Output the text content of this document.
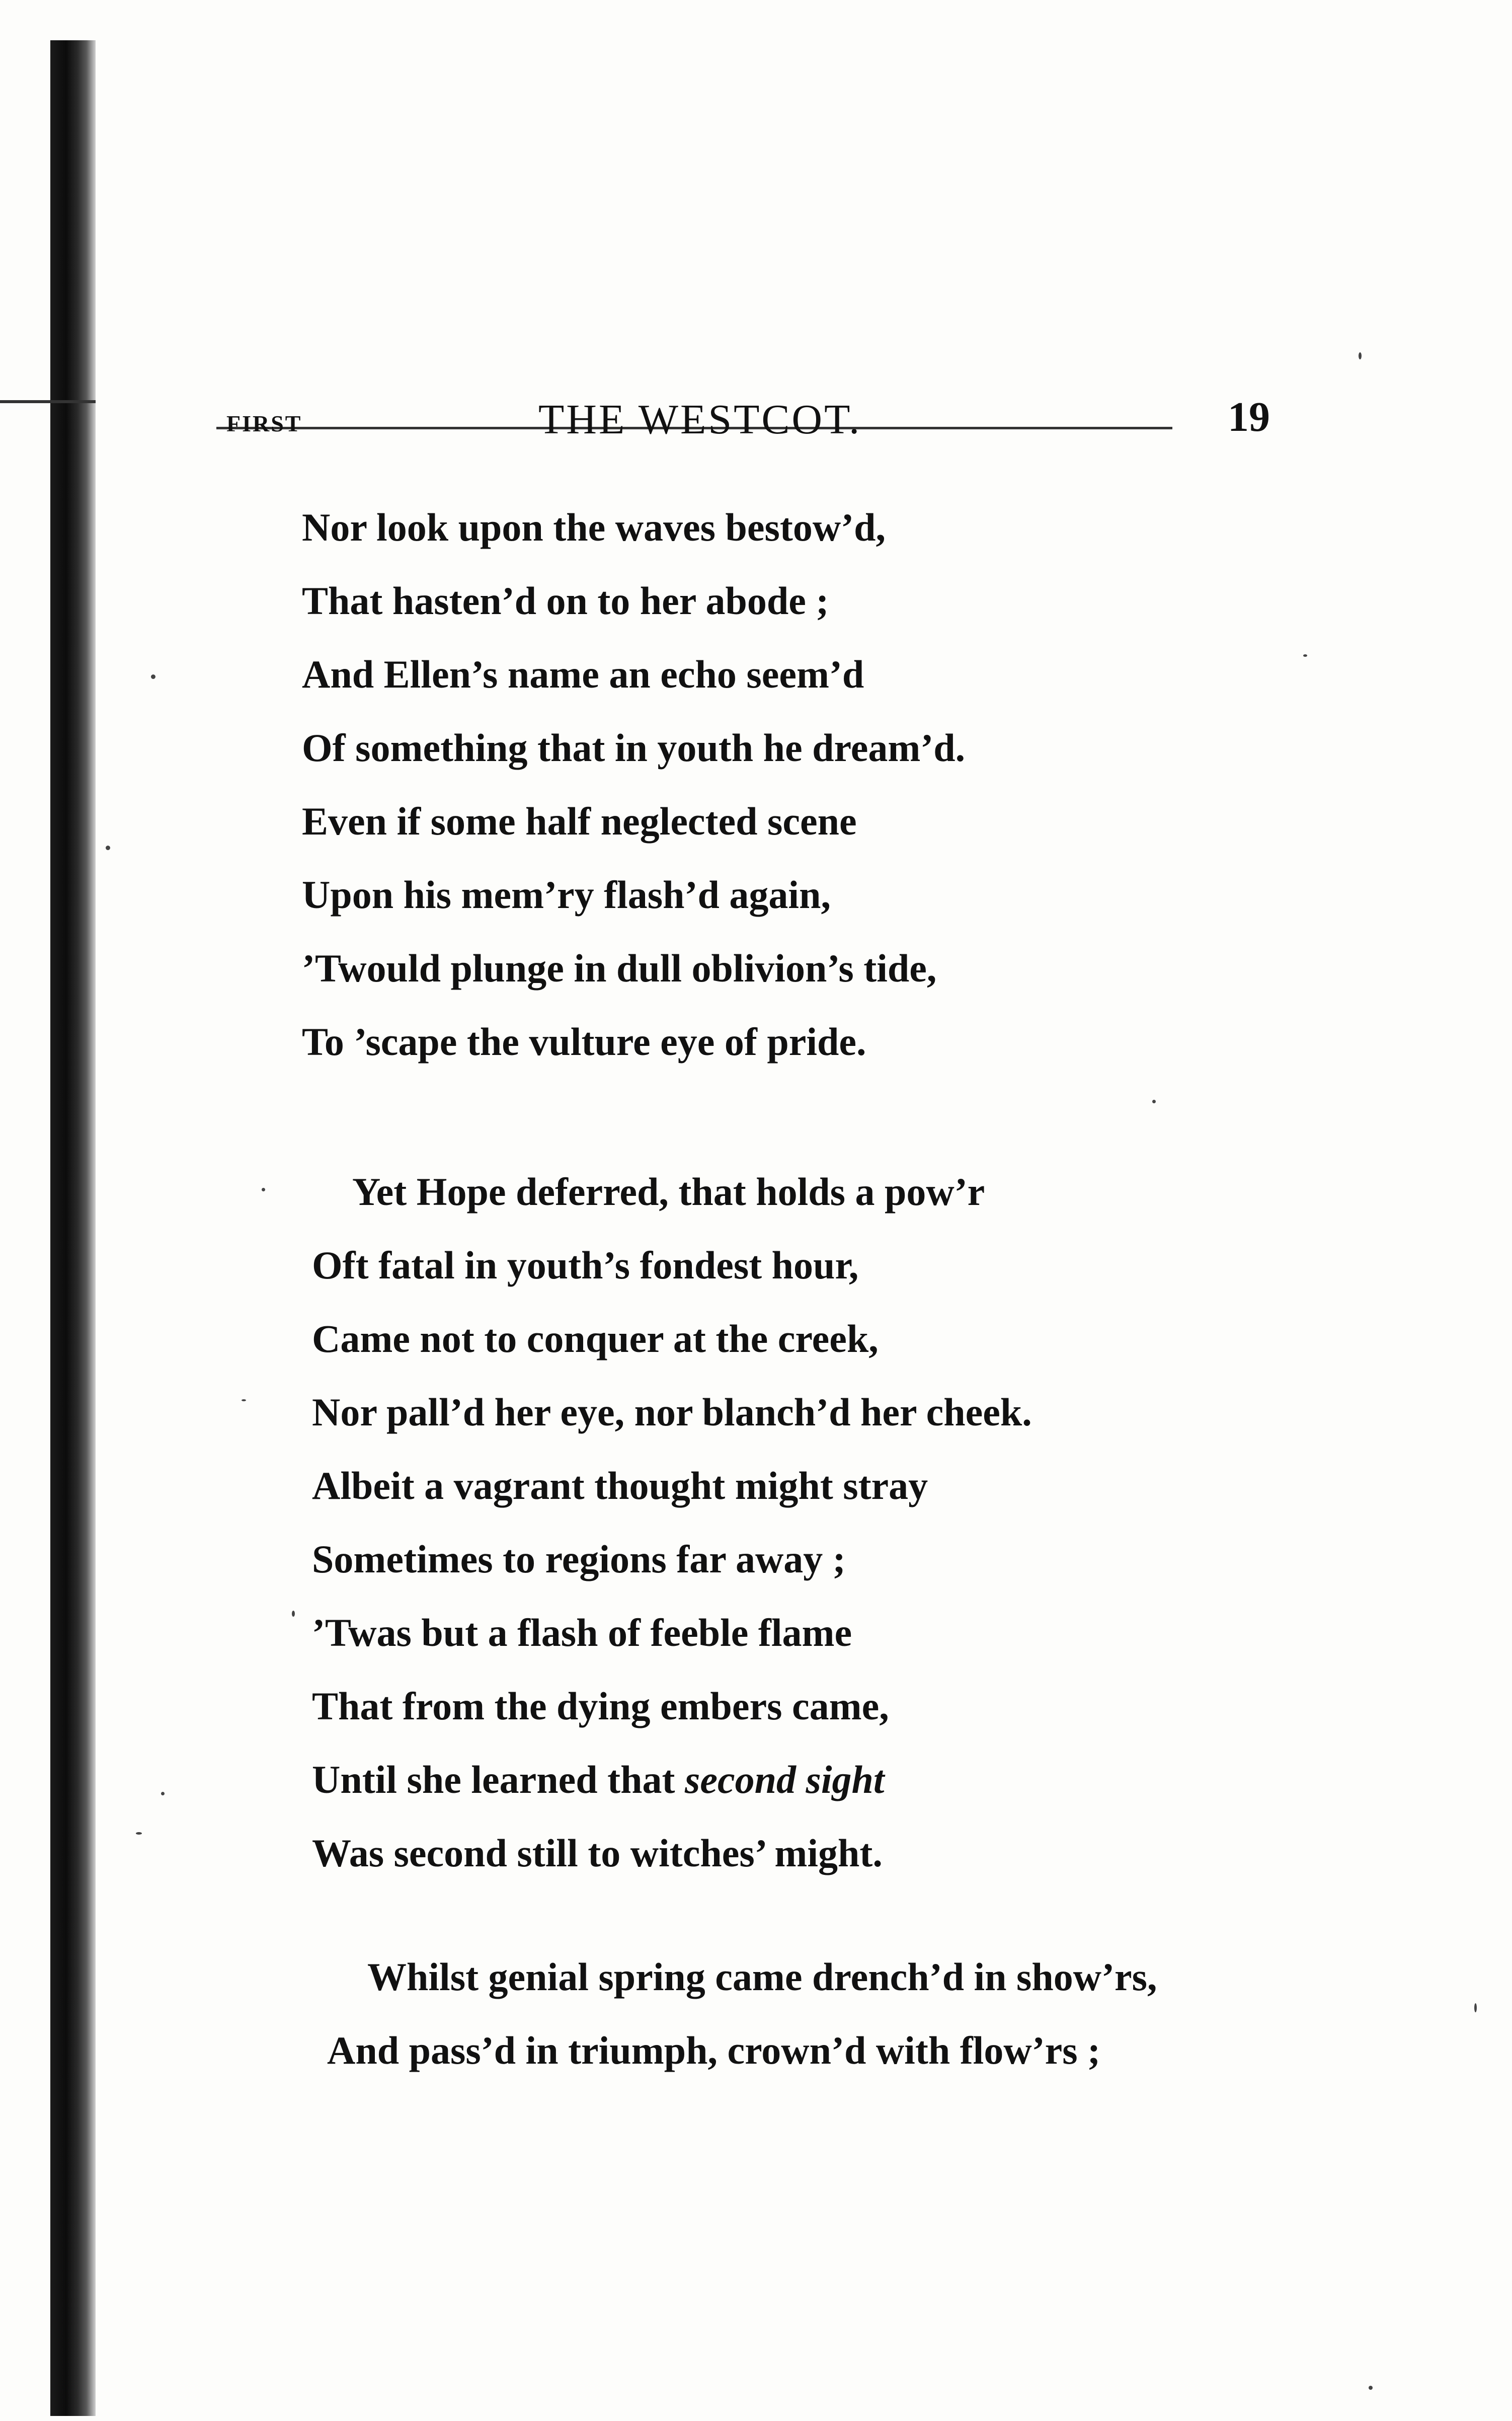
FIRST	THE WESTCOT.	19
Nor look upon the waves bestow’d,
That hasten’d on to her abode ;
And Ellen’s name an echo seem’d
Of something that in youth he dream’d.
Even if some half neglected scene
Upon his mem’ry flash’d again,
’Twould plunge in dull oblivion’s tide,
To ’scape the vulture eye of pride.
Yet Hope deferred, that holds a pow’r
Oft fatal in youth’s fondest hour,
Came not to conquer at the creek,
Nor pall’d her eye, nor blanch’d her cheek.
Albeit a vagrant thought might stray
Sometimes to regions far away ;
’Twas but a flash of feeble flame
That from the dying embers came,
Until she learned that second sight
Was second still to witches’ might.
Whilst genial spring came drench’d in show’rs,
And pass’d in triumph, crown’d with flow’rs ;
